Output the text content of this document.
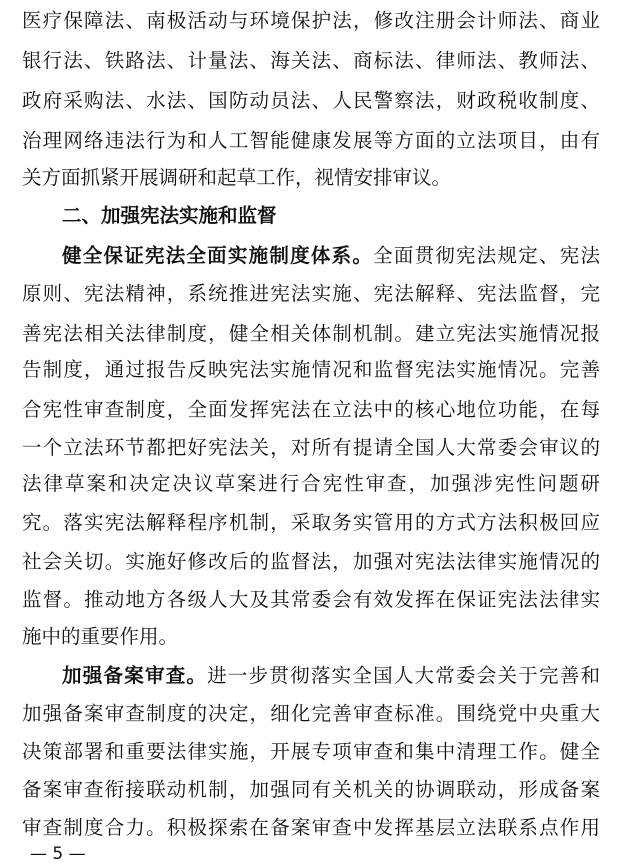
医疗保障法、南极活动与环境保护法，修改注册会计师法、商业
银行法、铁路法、计量法、海关法、商标法、律师法、教师法、
政府采购法、水法、国防动员法、人民警察法，财政税收制度、
治理网络违法行为和人工智能健康发展等方面的立法项目，由有
关方面抓紧开展调研和起草工作，视情安排审议。
二、加强宪法实施和监督
健全保证宪法全面实施制度体系。全面贯彻宪法规定、宪法
原则、宪法精神，系统推进宪法实施、宪法解释、宪法监督，完
善宪法相关法律制度，健全相关体制机制。建立宪法实施情况报
告制度，通过报告反映宪法实施情况和监督宪法实施情况。完善
合宪性审查制度，全面发挥宪法在立法中的核心地位功能，在每
一个立法环节都把好宪法关，对所有提请全国人大常委会审议的
法律草案和决定决议草案进行合宪性审查，加强涉宪性问题研
究。落实宪法解释程序机制，采取务实管用的方式方法积极回应
社会关切。实施好修改后的监督法，加强对宪法法律实施情况的
监督。推动地方各级人大及其常委会有效发挥在保证宪法法律实
施中的重要作用。
加强备案审查。进一步贯彻落实全国人大常委会关于完善和
加强备案审查制度的决定，细化完善审查标准。围绕党中央重大
决策部署和重要法律实施，开展专项审查和集中清理工作。健全
备案审查衔接联动机制，加强同有关机关的协调联动，形成备案
审查制度合力。积极探索在备案审查中发挥基层立法联系点作用
— 5 —
